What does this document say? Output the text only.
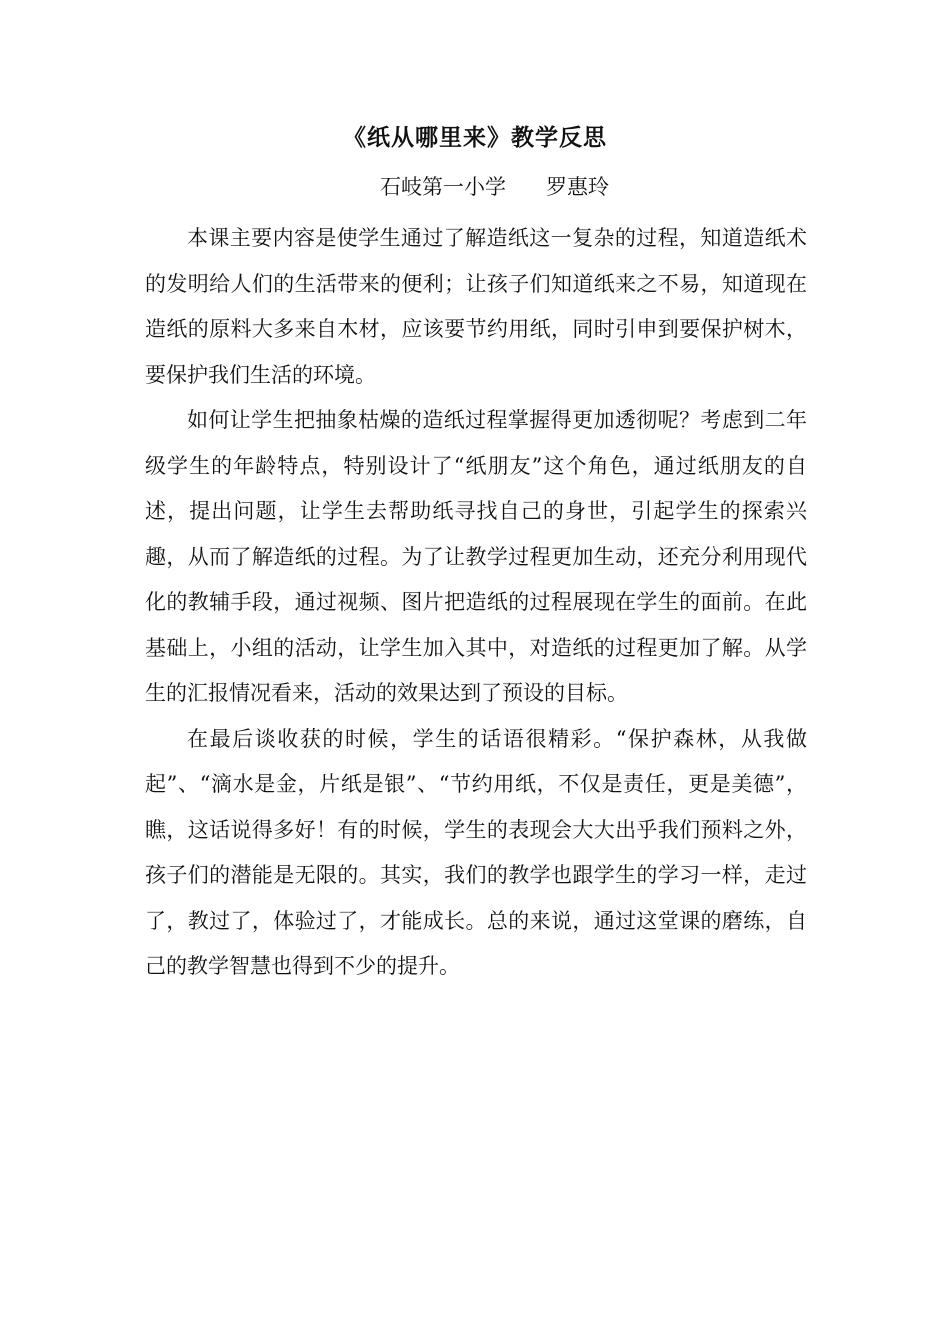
《纸从哪里来》教学反思
石岐第一小学      罗惠玲

本课主要内容是使学生通过了解造纸这一复杂的过程，知道造纸术的发明给人们的生活带来的便利；让孩子们知道纸来之不易，知道现在造纸的原料大多来自木材，应该要节约用纸，同时引申到要保护树木，要保护我们生活的环境。

如何让学生把抽象枯燥的造纸过程掌握得更加透彻呢？考虑到二年级学生的年龄特点，特别设计了“纸朋友”这个角色，通过纸朋友的自述，提出问题，让学生去帮助纸寻找自己的身世，引起学生的探索兴趣，从而了解造纸的过程。为了让教学过程更加生动，还充分利用现代化的教辅手段，通过视频、图片把造纸的过程展现在学生的面前。在此基础上，小组的活动，让学生加入其中，对造纸的过程更加了解。从学生的汇报情况看来，活动的效果达到了预设的目标。

在最后谈收获的时候，学生的话语很精彩。“保护森林，从我做起”、“滴水是金，片纸是银”、“节约用纸，不仅是责任，更是美德”，瞧，这话说得多好！有的时候，学生的表现会大大出乎我们预料之外，孩子们的潜能是无限的。其实，我们的教学也跟学生的学习一样，走过了，教过了，体验过了，才能成长。总的来说，通过这堂课的磨练，自己的教学智慧也得到不少的提升。
